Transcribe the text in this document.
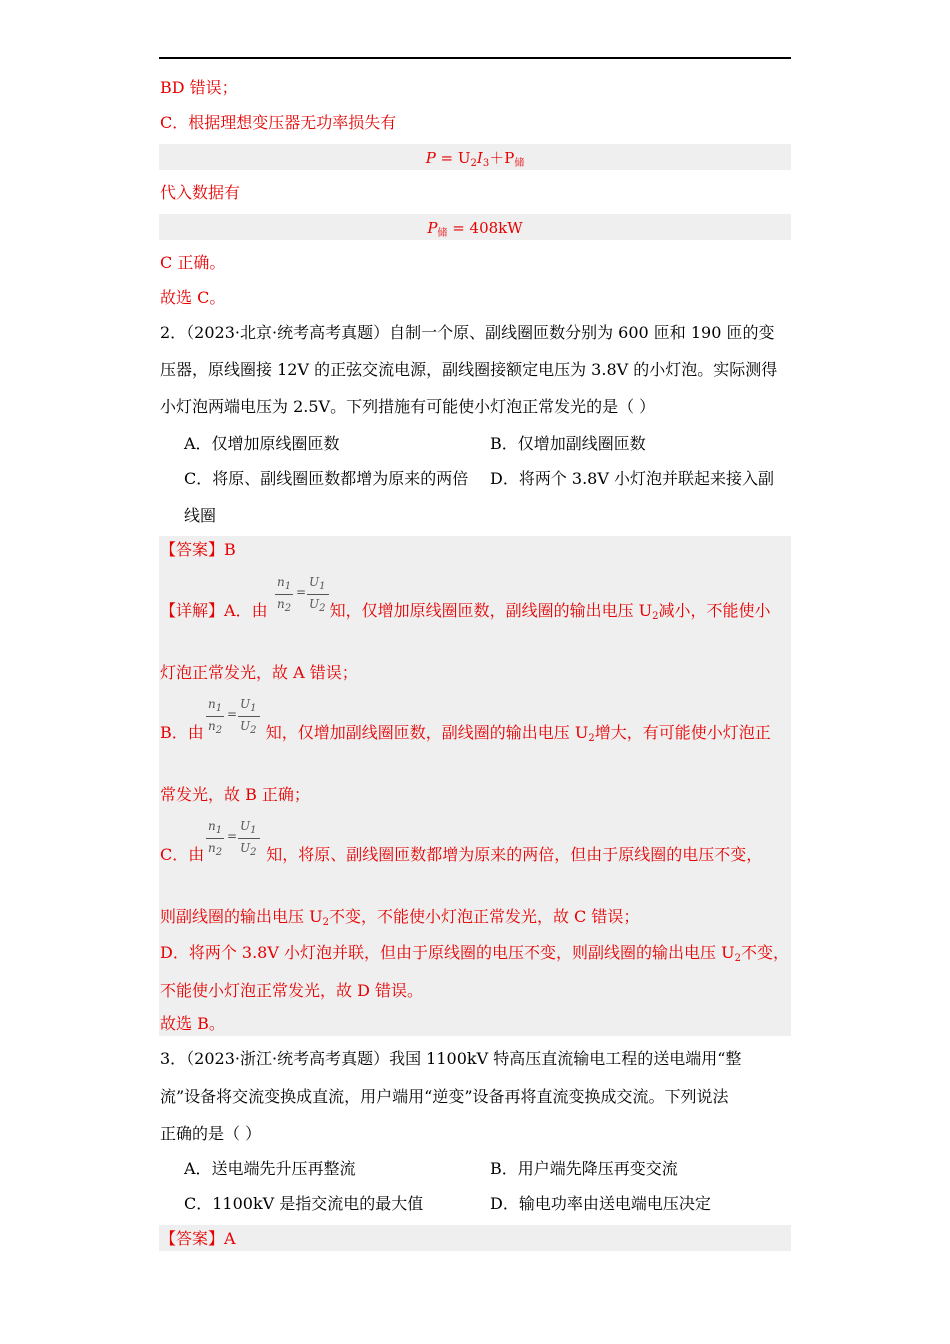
BD 错误；
C．根据理想变压器无功率损失有
$P = U_2I_3+P_储$
代入数据有
$P_储 = 408kW$
C 正确。
故选 C。
2．（2023·北京·统考高考真题）自制一个原、副线圈匝数分别为 600 匝和 190 匝的变
压器，原线圈接 12V 的正弦交流电源，副线圈接额定电压为 3.8V 的小灯泡。实际测得
小灯泡两端电压为 2.5V。下列措施有可能使小灯泡正常发光的是（ ）
A．仅增加原线圈匝数	B．仅增加副线圈匝数
C．将原、副线圈匝数都增为原来的两倍 D．将两个 3.8V 小灯泡并联起来接入副
线圈
【答案】B
$n_1$
$n_2$
=
$U_1$
$U_2$
【详解】A．由	知，仅增加原线圈匝数，副线圈的输出电压 $U_2$减小，不能使小
灯泡正常发光，故 A 错误；
$n_1$
$n_2$
=
$U_1$
$U_2$
B．由	知，仅增加副线圈匝数，副线圈的输出电压 $U_2$增大，有可能使小灯泡正
常发光，故 B 正确；
$n_1$
$n_2$
=
$U_1$
$U_2$
C．由	知，将原、副线圈匝数都增为原来的两倍，但由于原线圈的电压不变，
则副线圈的输出电压 $U_2$不变，不能使小灯泡正常发光，故 C 错误；
D．将两个 3.8V 小灯泡并联，但由于原线圈的电压不变，则副线圈的输出电压 $U_2$不变，
不能使小灯泡正常发光，故 D 错误。
故选 B。
3．（2023·浙江·统考高考真题）我国 1100kV 特高压直流输电工程的送电端用“整
流”设备将交流变换成直流，用户端用“逆变”设备再将直流变换成交流。下列说法
正确的是（ ）
A．送电端先升压再整流	B．用户端先降压再变交流
C．1100kV 是指交流电的最大值	D．输电功率由送电端电压决定
【答案】A
